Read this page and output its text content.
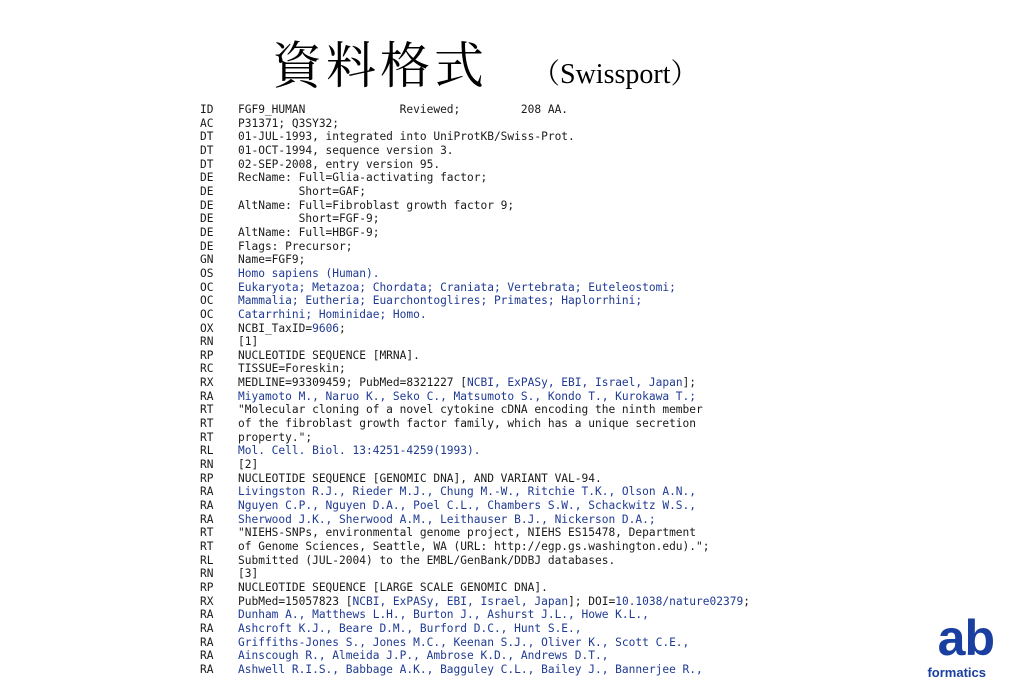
資料格式 （Swissport）
ID FGF9_HUMAN              Reviewed;         208 AA.
AC P31371; Q3SY32;
DT 01-JUL-1993, integrated into UniProtKB/Swiss-Prot.
DT 01-OCT-1994, sequence version 3.
DT 02-SEP-2008, entry version 95.
DE RecName: Full=Glia-activating factor;
DE         Short=GAF;
DE AltName: Full=Fibroblast growth factor 9;
DE         Short=FGF-9;
DE AltName: Full=HBGF-9;
DE Flags: Precursor;
GN Name=FGF9;
OS Homo sapiens (Human).
OC Eukaryota; Metazoa; Chordata; Craniata; Vertebrata; Euteleostomi;
OC Mammalia; Eutheria; Euarchontoglires; Primates; Haplorrhini;
OC Catarrhini; Hominidae; Homo.
OX NCBI_TaxID=9606;
RN [1]
RP NUCLEOTIDE SEQUENCE [MRNA].
RC TISSUE=Foreskin;
RX MEDLINE=93309459; PubMed=8321227 [NCBI, ExPASy, EBI, Israel, Japan];
RA Miyamoto M., Naruo K., Seko C., Matsumoto S., Kondo T., Kurokawa T.;
RT "Molecular cloning of a novel cytokine cDNA encoding the ninth member
RT of the fibroblast growth factor family, which has a unique secretion
RT property.";
RL Mol. Cell. Biol. 13:4251-4259(1993).
RN [2]
RP NUCLEOTIDE SEQUENCE [GENOMIC DNA], AND VARIANT VAL-94.
RA Livingston R.J., Rieder M.J., Chung M.-W., Ritchie T.K., Olson A.N.,
RA Nguyen C.P., Nguyen D.A., Poel C.L., Chambers S.W., Schackwitz W.S.,
RA Sherwood J.K., Sherwood A.M., Leithauser B.J., Nickerson D.A.;
RT "NIEHS-SNPs, environmental genome project, NIEHS ES15478, Department
RT of Genome Sciences, Seattle, WA (URL: http://egp.gs.washington.edu).";
RL Submitted (JUL-2004) to the EMBL/GenBank/DDBJ databases.
RN [3]
RP NUCLEOTIDE SEQUENCE [LARGE SCALE GENOMIC DNA].
RX PubMed=15057823 [NCBI, ExPASy, EBI, Israel, Japan]; DOI=10.1038/nature02379;
RA Dunham A., Matthews L.H., Burton J., Ashurst J.L., Howe K.L.,
RA Ashcroft K.J., Beare D.M., Burford D.C., Hunt S.E.,
RA Griffiths-Jones S., Jones M.C., Keenan S.J., Oliver K., Scott C.E.,
RA Ainscough R., Almeida J.P., Ambrose K.D., Andrews D.T.,
RA Ashwell R.I.S., Babbage A.K., Bagguley C.L., Bailey J., Bannerjee R.,
ab
formatics
